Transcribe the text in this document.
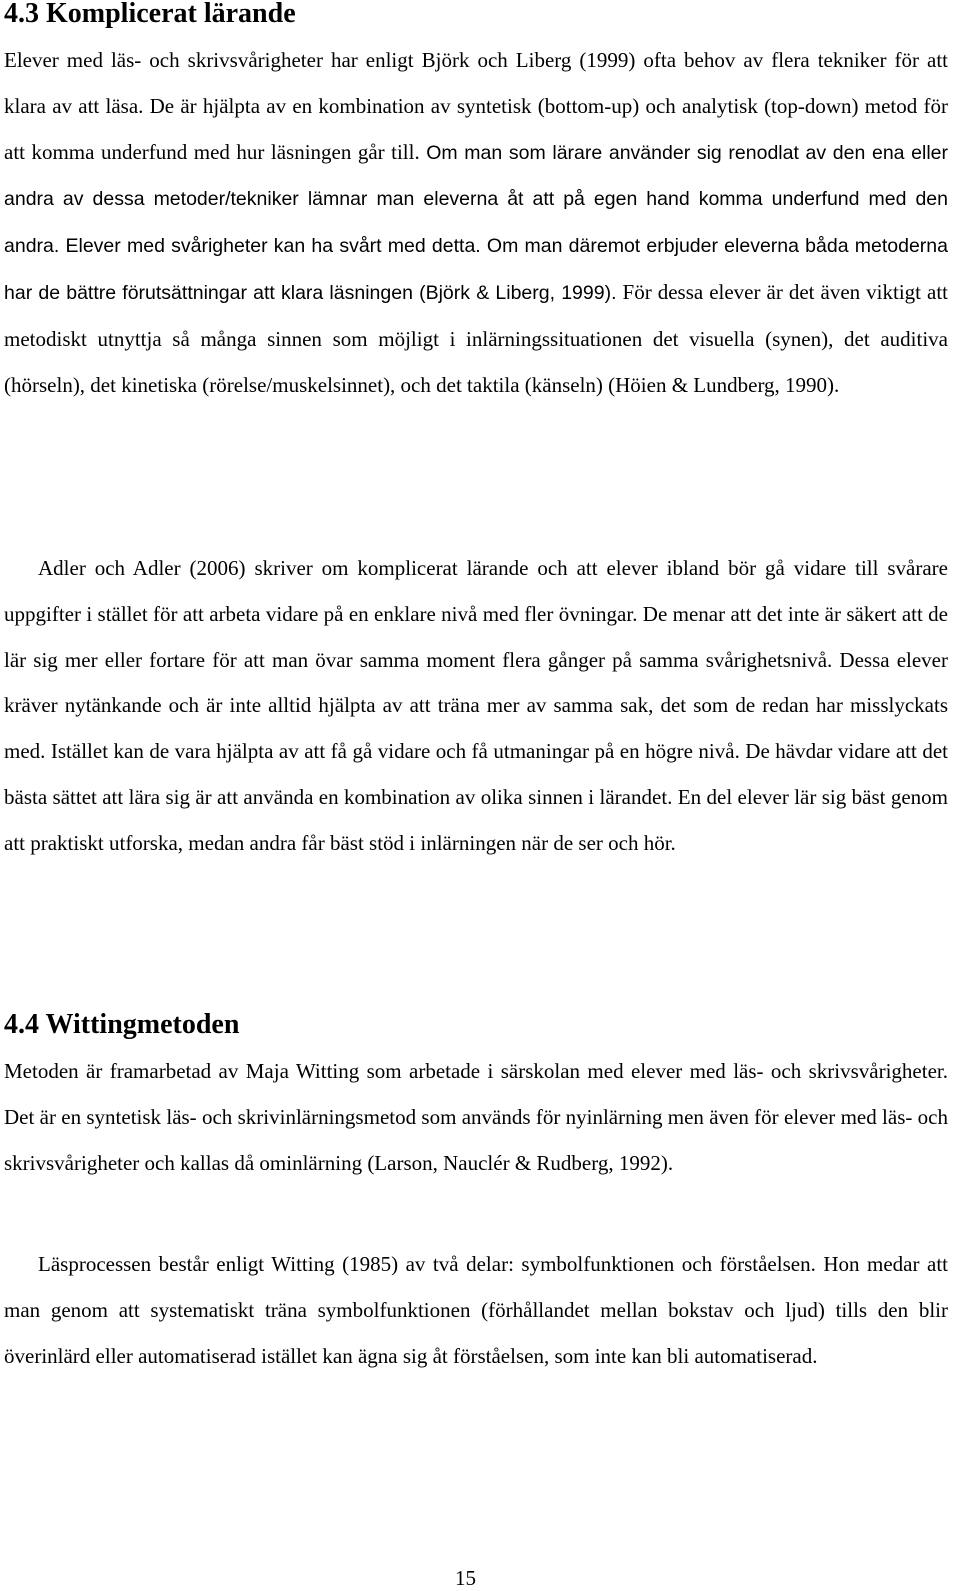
4.3 Komplicerat lärande

Elever med läs- och skrivsvårigheter har enligt Björk och Liberg (1999) ofta behov av flera tekniker för att klara av att läsa. De är hjälpta av en kombination av syntetisk (bottom-up) och analytisk (top-down) metod för att komma underfund med hur läsningen går till. Om man som lärare använder sig renodlat av den ena eller andra av dessa metoder/tekniker lämnar man eleverna åt att på egen hand komma underfund med den andra. Elever med svårigheter kan ha svårt med detta. Om man däremot erbjuder eleverna båda metoderna har de bättre förutsättningar att klara läsningen (Björk & Liberg, 1999). För dessa elever är det även viktigt att metodiskt utnyttja så många sinnen som möjligt i inlärningssituationen det visuella (synen), det auditiva (hörseln), det kinetiska (rörelse/muskelsinnet), och det taktila (känseln) (Höien & Lundberg, 1990).

Adler och Adler (2006) skriver om komplicerat lärande och att elever ibland bör gå vidare till svårare uppgifter i stället för att arbeta vidare på en enklare nivå med fler övningar. De menar att det inte är säkert att de lär sig mer eller fortare för att man övar samma moment flera gånger på samma svårighetsnivå. Dessa elever kräver nytänkande och är inte alltid hjälpta av att träna mer av samma sak, det som de redan har misslyckats med. Istället kan de vara hjälpta av att få gå vidare och få utmaningar på en högre nivå. De hävdar vidare att det bästa sättet att lära sig är att använda en kombination av olika sinnen i lärandet. En del elever lär sig bäst genom att praktiskt utforska, medan andra får bäst stöd i inlärningen när de ser och hör.

4.4 Wittingmetoden

Metoden är framarbetad av Maja Witting som arbetade i särskolan med elever med läs- och skrivsvårigheter. Det är en syntetisk läs- och skrivinlärningsmetod som används för nyinlärning men även för elever med läs- och skrivsvårigheter och kallas då ominlärning (Larson, Nauclér & Rudberg, 1992).

Läsprocessen består enligt Witting (1985) av två delar: symbolfunktionen och förståelsen. Hon medar att man genom att systematiskt träna symbolfunktionen (förhållandet mellan bokstav och ljud) tills den blir överinlärd eller automatiserad istället kan ägna sig åt förståelsen, som inte kan bli automatiserad.

15
